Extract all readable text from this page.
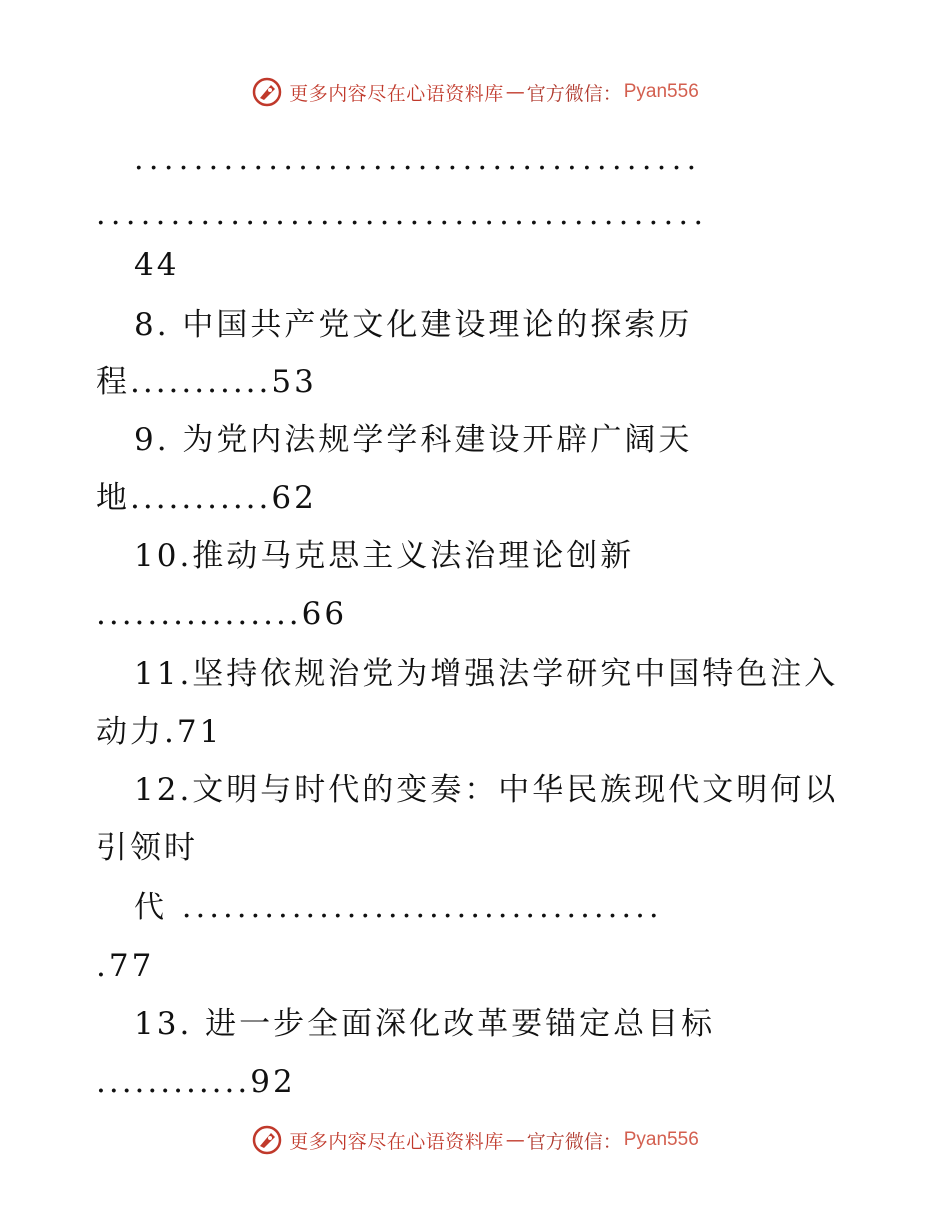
更多内容尽在心语资料库 — 官方微信： Pyan556
......................................
.........................................
44
8. 中国共产党文化建设理论的探索历
程...........53
9. 为党内法规学学科建设开辟广阔天
地...........62
10.推动马克思主义法治理论创新
................66
11.坚持依规治党为增强法学研究中国特色注入
动力.71
12.文明与时代的变奏：中华民族现代文明何以
引领时
代 ...................................
.77
13. 进一步全面深化改革要锚定总目标
............92
更多内容尽在心语资料库 — 官方微信： Pyan556
